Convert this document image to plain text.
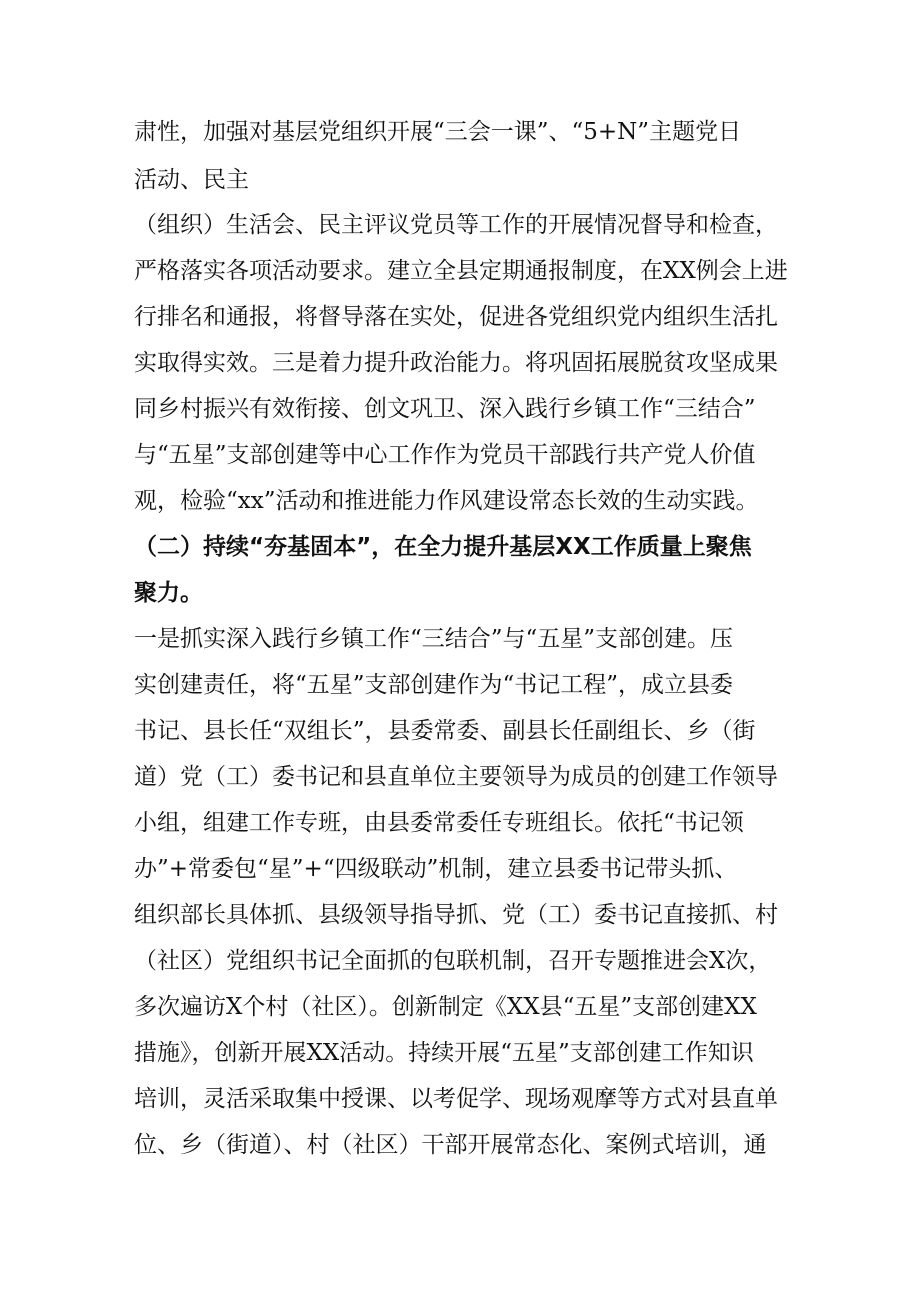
肃性，加强对基层党组织开展“三会一课”、“5+N”主题党日
活动、民主
（组织）生活会、民主评议党员等工作的开展情况督导和检查，
严格落实各项活动要求。建立全县定期通报制度，在XX例会上进
行排名和通报，将督导落在实处，促进各党组织党内组织生活扎
实取得实效。三是着力提升政治能力。将巩固拓展脱贫攻坚成果
同乡村振兴有效衔接、创文巩卫、深入践行乡镇工作“三结合”
与“五星”支部创建等中心工作作为党员干部践行共产党人价值
观，检验“xx”活动和推进能力作风建设常态长效的生动实践。
（二）持续“夯基固本”，在全力提升基层XX工作质量上聚焦
聚力。
一是抓实深入践行乡镇工作“三结合”与“五星”支部创建。压
实创建责任，将“五星”支部创建作为“书记工程”，成立县委
书记、县长任“双组长”，县委常委、副县长任副组长、乡（街
道）党（工）委书记和县直单位主要领导为成员的创建工作领导
小组，组建工作专班，由县委常委任专班组长。依托“书记领
办”+常委包“星”+“四级联动”机制，建立县委书记带头抓、
组织部长具体抓、县级领导指导抓、党（工）委书记直接抓、村
（社区）党组织书记全面抓的包联机制，召开专题推进会X次，
多次遍访X个村（社区）。创新制定《XX县“五星”支部创建XX
措施》，创新开展XX活动。持续开展“五星”支部创建工作知识
培训，灵活采取集中授课、以考促学、现场观摩等方式对县直单
位、乡（街道）、村（社区）干部开展常态化、案例式培训，通
